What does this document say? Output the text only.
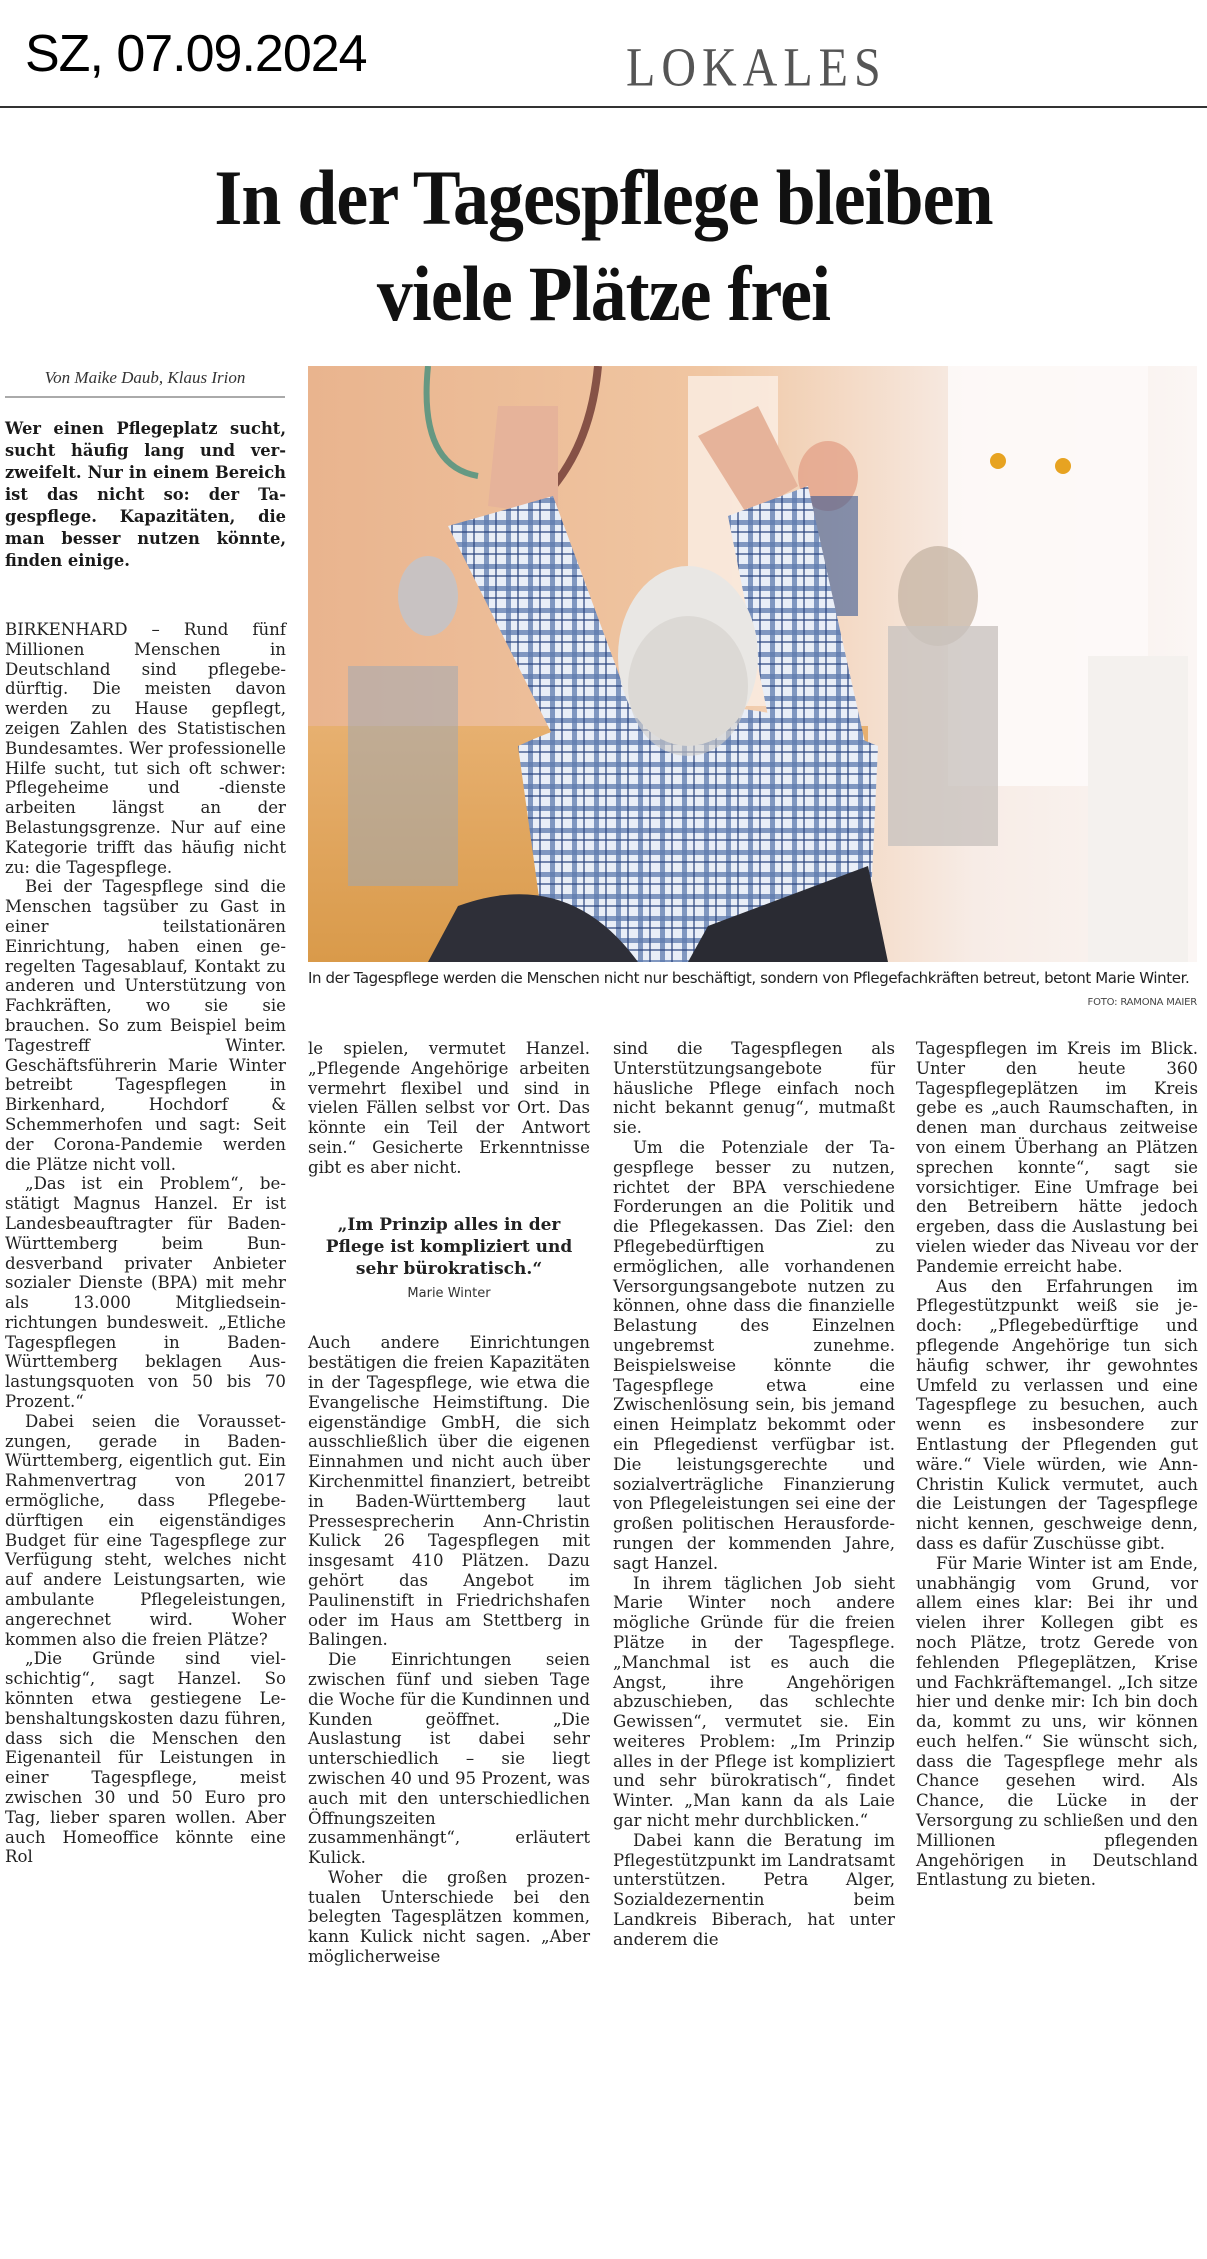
SZ, 07.09.2024	LOKALES
In der Tagespflege bleiben
viele Plätze frei
Von Maike Daub, Klaus Irion

Wer einen Pflegeplatz sucht, sucht häufig lang und verzweifelt. Nur in einem Bereich ist das nicht so: der Tagespflege. Kapazitäten, die man besser nutzen könnte, finden einige.

In der Tagespflege werden die Menschen nicht nur beschäftigt, sondern von Pflegefachkräften betreut, betont Marie Winter.
FOTO: RAMONA MAIER

BIRKENHARD – Rund fünf Millionen Menschen in Deutschland sind pflegebedürftig. Die meisten davon werden zu Hause gepflegt, zeigen Zahlen des Statistischen Bundesamtes. Wer professionelle Hilfe sucht, tut sich oft schwer: Pflegeheime und -dienste arbeiten längst an der Belastungsgrenze. Nur auf eine Kategorie trifft das häufig nicht zu: die Tagespflege.

Bei der Tagespflege sind die Menschen tagsüber zu Gast in einer teilstationären Einrichtung, haben einen geregelten Tagesablauf, Kontakt zu anderen und Unterstützung von Fachkräften, wo sie sie brauchen. So zum Beispiel beim Tagestreff Winter. Geschäftsführerin Marie Winter betreibt Tagespflegen in Birkenhard, Hochdorf & Schemmerhofen und sagt: Seit der Corona-Pandemie werden die Plätze nicht voll.

„Das ist ein Problem“, bestätigt Magnus Hanzel. Er ist Landesbeauftragter für Baden-Württemberg beim Bundesverband privater Anbieter sozialer Dienste (BPA) mit mehr als 13.000 Mitgliedseinrichtungen bundesweit. „Etliche Tagespflegen in Baden-Württemberg beklagen Auslastungsquoten von 50 bis 70 Prozent.“

Dabei seien die Voraussetzungen, gerade in Baden-Württemberg, eigentlich gut. Ein Rahmenvertrag von 2017 ermögliche, dass Pflegebedürftigen ein eigenständiges Budget für eine Tagespflege zur Verfügung steht, welches nicht auf andere Leistungsarten, wie ambulante Pflegeleistungen, angerechnet wird. Woher kommen also die freien Plätze?

„Die Gründe sind vielschichtig“, sagt Hanzel. So könnten etwa gestiegene Lebenshaltungskosten dazu führen, dass sich die Menschen den Eigenanteil für Leistungen in einer Tagespflege, meist zwischen 30 und 50 Euro pro Tag, lieber sparen wollen. Aber auch Homeoffice könnte eine Rol

le spielen, vermutet Hanzel. „Pflegende Angehörige arbeiten vermehrt flexibel und sind in vielen Fällen selbst vor Ort. Das könnte ein Teil der Antwort sein.“ Gesicherte Erkenntnisse gibt es aber nicht.

„Im Prinzip alles in der Pflege ist kompliziert und sehr bürokratisch.“
Marie Winter

Auch andere Einrichtungen bestätigen die freien Kapazitäten in der Tagespflege, wie etwa die Evangelische Heimstiftung. Die eigenständige GmbH, die sich ausschließlich über die eigenen Einnahmen und nicht auch über Kirchenmittel finanziert, betreibt in Baden-Württemberg laut Pressesprecherin Ann-Christin Kulick 26 Tagespflegen mit insgesamt 410 Plätzen. Dazu gehört das Angebot im Paulinenstift in Friedrichshafen oder im Haus am Stettberg in Balingen.

Die Einrichtungen seien zwischen fünf und sieben Tage die Woche für die Kundinnen und Kunden geöffnet. „Die Auslastung ist dabei sehr unterschiedlich – sie liegt zwischen 40 und 95 Prozent, was auch mit den unterschiedlichen Öffnungszeiten zusammenhängt“, erläutert Kulick.

Woher die großen prozentualen Unterschiede bei den belegten Tagesplätzen kommen, kann Kulick nicht sagen. „Aber möglicherweise

sind die Tagespflegen als Unterstützungsangebote für häusliche Pflege einfach noch nicht bekannt genug“, mutmaßt sie.

Um die Potenziale der Tagespflege besser zu nutzen, richtet der BPA verschiedene Forderungen an die Politik und die Pflegekassen. Das Ziel: den Pflegebedürftigen zu ermöglichen, alle vorhandenen Versorgungsangebote nutzen zu können, ohne dass die finanzielle Belastung des Einzelnen ungebremst zunehme. Beispielsweise könnte die Tagespflege etwa eine Zwischenlösung sein, bis jemand einen Heimplatz bekommt oder ein Pflegedienst verfügbar ist. Die leistungsgerechte und sozialverträgliche Finanzierung von Pflegeleistungen sei eine der großen politischen Herausforderungen der kommenden Jahre, sagt Hanzel.

In ihrem täglichen Job sieht Marie Winter noch andere mögliche Gründe für die freien Plätze in der Tagespflege. „Manchmal ist es auch die Angst, ihre Angehörigen abzuschieben, das schlechte Gewissen“, vermutet sie. Ein weiteres Problem: „Im Prinzip alles in der Pflege ist kompliziert und sehr bürokratisch“, findet Winter. „Man kann da als Laie gar nicht mehr durchblicken.“

Dabei kann die Beratung im Pflegestützpunkt im Landratsamt unterstützen. Petra Alger, Sozialdezernentin beim Landkreis Biberach, hat unter anderem die

Tagespflegen im Kreis im Blick. Unter den heute 360 Tagespflegeplätzen im Kreis gebe es „auch Raumschaften, in denen man durchaus zeitweise von einem Überhang an Plätzen sprechen konnte“, sagt sie vorsichtiger. Eine Umfrage bei den Betreibern hätte jedoch ergeben, dass die Auslastung bei vielen wieder das Niveau vor der Pandemie erreicht habe.

Aus den Erfahrungen im Pflegestützpunkt weiß sie jedoch: „Pflegebedürftige und pflegende Angehörige tun sich häufig schwer, ihr gewohntes Umfeld zu verlassen und eine Tagespflege zu besuchen, auch wenn es insbesondere zur Entlastung der Pflegenden gut wäre.“ Viele würden, wie Ann-Christin Kulick vermutet, auch die Leistungen der Tagespflege nicht kennen, geschweige denn, dass es dafür Zuschüsse gibt.

Für Marie Winter ist am Ende, unabhängig vom Grund, vor allem eines klar: Bei ihr und vielen ihrer Kollegen gibt es noch Plätze, trotz Gerede von fehlenden Pflegeplätzen, Krise und Fachkräftemangel. „Ich sitze hier und denke mir: Ich bin doch da, kommt zu uns, wir können euch helfen.“ Sie wünscht sich, dass die Tagespflege mehr als Chance gesehen wird. Als Chance, die Lücke in der Versorgung zu schließen und den Millionen pflegenden Angehörigen in Deutschland Entlastung zu bieten.
